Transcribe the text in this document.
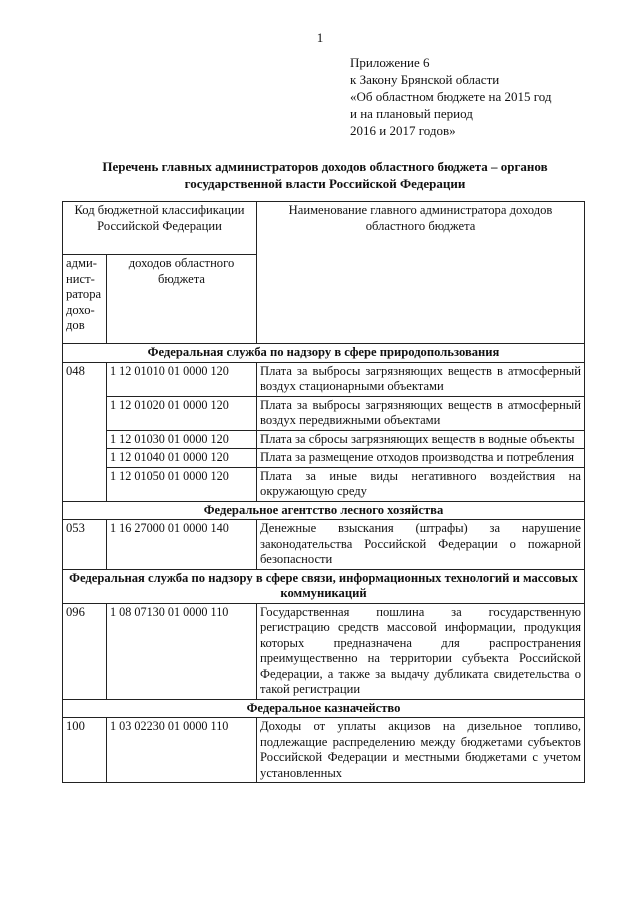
1
Приложение 6
к Закону Брянской области
«Об областном бюджете на 2015 год
и на плановый период
2016 и 2017 годов»
Перечень главных администраторов доходов областного бюджета – органов
государственной власти Российской Федерации
Код бюджетной классификации Российской Федерации		Наименование главного администратора доходов областного бюджета
адми-нист-ратора дохо-дов	доходов областного бюджета	
Федеральная служба по надзору в сфере природопользования		
048	1 12 01010 01 0000 120	Плата за выбросы загрязняющих веществ в атмосферный воздух стационарными объектами
	1 12 01020 01 0000 120	Плата за выбросы загрязняющих веществ в атмосферный воздух передвижными объектами
	1 12 01030 01 0000 120	Плата за сбросы загрязняющих веществ в водные объекты
	1 12 01040 01 0000 120	Плата за размещение отходов производства и потребления
	1 12 01050 01 0000 120	Плата за иные виды негативного воздействия на окружающую среду
Федеральное агентство лесного хозяйства		
053	1 16 27000 01 0000 140	Денежные взыскания (штрафы) за нарушение законодательства Российской Федерации о пожарной безопасности
Федеральная служба по надзору в сфере связи, информационных технологий и массовых коммуникаций		
096	1 08 07130 01 0000 110	Государственная пошлина за государственную регистрацию средств массовой информации, продукция которых предназначена для распространения преимущественно на территории субъекта Российской Федерации, а также за выдачу дубликата свидетельства о такой регистрации
Федеральное казначейство		
100	1 03 02230 01 0000 110	Доходы от уплаты акцизов на дизельное топливо, подлежащие распределению между бюджетами субъектов Российской Федерации и местными бюджетами с учетом установленных
